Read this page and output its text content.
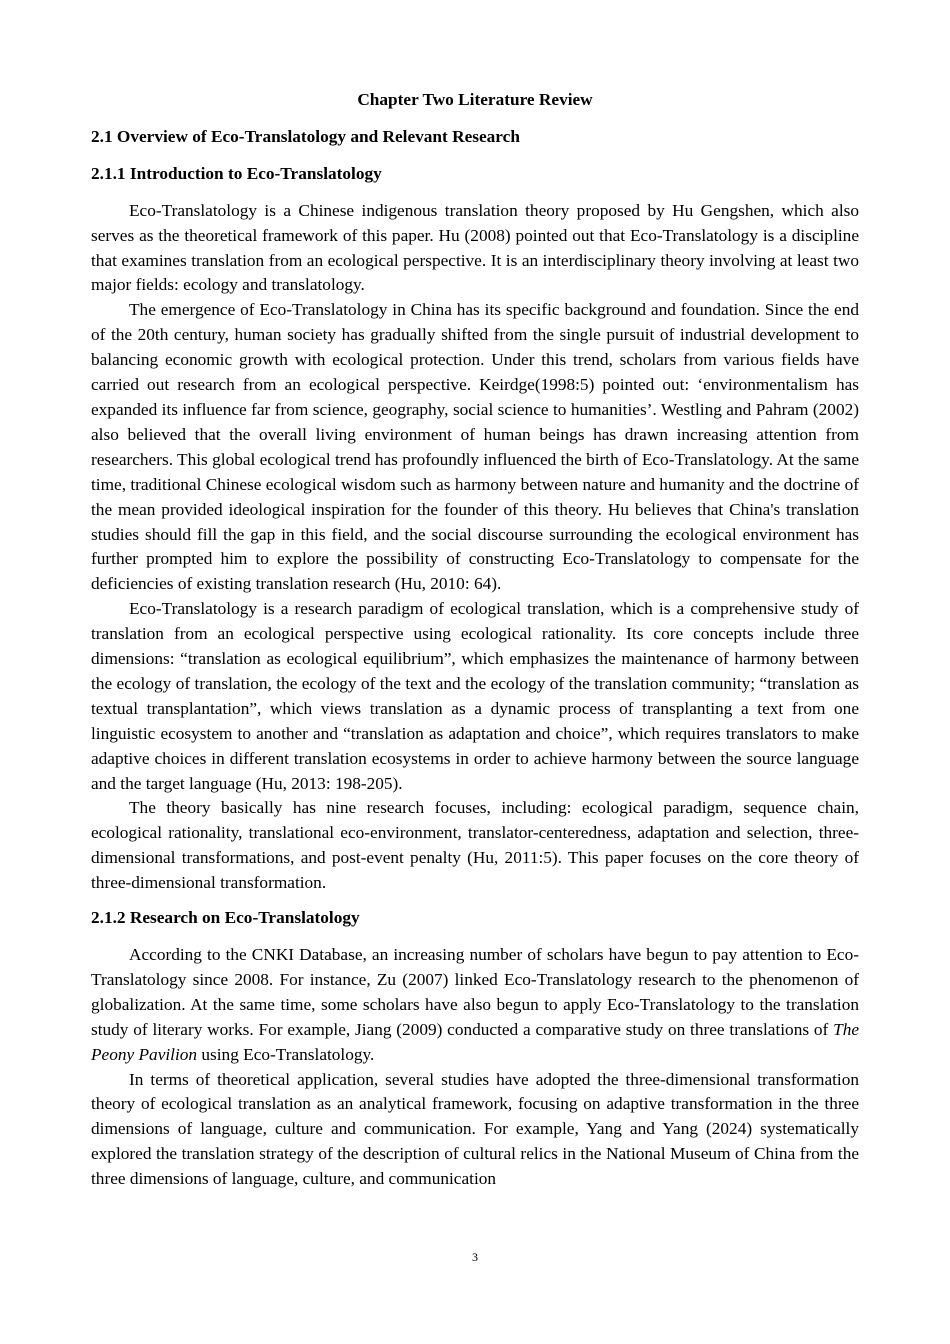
Chapter Two Literature Review
2.1 Overview of Eco-Translatology and Relevant Research
2.1.1 Introduction to Eco-Translatology

Eco-Translatology is a Chinese indigenous translation theory proposed by Hu Gengshen, which also serves as the theoretical framework of this paper. Hu (2008) pointed out that Eco-Translatology is a discipline that examines translation from an ecological perspective. It is an interdisciplinary theory involving at least two major fields: ecology and translatology.

The emergence of Eco-Translatology in China has its specific background and foundation. Since the end of the 20th century, human society has gradually shifted from the single pursuit of industrial development to balancing economic growth with ecological protection. Under this trend, scholars from various fields have carried out research from an ecological perspective. Keirdge(1998:5) pointed out: ‘environmentalism has expanded its influence far from science, geography, social science to humanities’. Westling and Pahram (2002) also believed that the overall living environment of human beings has drawn increasing attention from researchers. This global ecological trend has profoundly influenced the birth of Eco-Translatology. At the same time, traditional Chinese ecological wisdom such as harmony between nature and humanity and the doctrine of the mean provided ideological inspiration for the founder of this theory. Hu believes that China's translation studies should fill the gap in this field, and the social discourse surrounding the ecological environment has further prompted him to explore the possibility of constructing Eco-Translatology to compensate for the deficiencies of existing translation research (Hu, 2010: 64).

Eco-Translatology is a research paradigm of ecological translation, which is a comprehensive study of translation from an ecological perspective using ecological rationality. Its core concepts include three dimensions: “translation as ecological equilibrium”, which emphasizes the maintenance of harmony between the ecology of translation, the ecology of the text and the ecology of the translation community; “translation as textual transplantation”, which views translation as a dynamic process of transplanting a text from one linguistic ecosystem to another and “translation as adaptation and choice”, which requires translators to make adaptive choices in different translation ecosystems in order to achieve harmony between the source language and the target language (Hu, 2013: 198-205).

The theory basically has nine research focuses, including: ecological paradigm, sequence chain, ecological rationality, translational eco-environment, translator-centeredness, adaptation and selection, three-dimensional transformations, and post-event penalty (Hu, 2011:5). This paper focuses on the core theory of three-dimensional transformation.

2.1.2 Research on Eco-Translatology

According to the CNKI Database, an increasing number of scholars have begun to pay attention to Eco-Translatology since 2008. For instance, Zu (2007) linked Eco-Translatology research to the phenomenon of globalization. At the same time, some scholars have also begun to apply Eco-Translatology to the translation study of literary works. For example, Jiang (2009) conducted a comparative study on three translations of The Peony Pavilion using Eco-Translatology.

In terms of theoretical application, several studies have adopted the three-dimensional transformation theory of ecological translation as an analytical framework, focusing on adaptive transformation in the three dimensions of language, culture and communication. For example, Yang and Yang (2024) systematically explored the translation strategy of the description of cultural relics in the National Museum of China from the three dimensions of language, culture, and communication

3
